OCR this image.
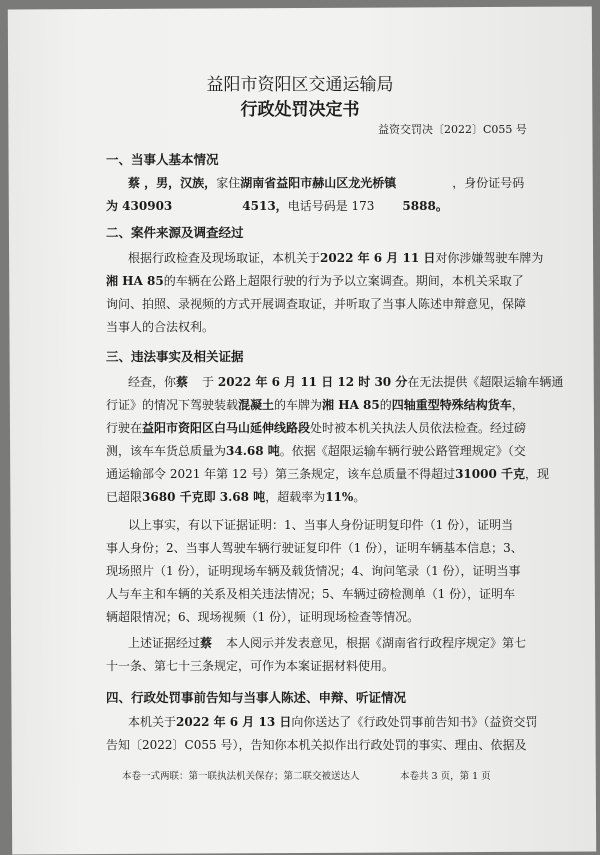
益阳市资阳区交通运输局
行政处罚决定书
益资交罚决〔2022〕C055 号
一、当事人基本情况
蔡 ，男，汉族，家住湖南省益阳市赫山区龙光桥镇	，身份证号码
为 430903	4513，电话号码是 173 5888。
二、案件来源及调查经过
根据行政检查及现场取证，本机关于2022 年 6 月 11 日对你涉嫌驾驶车牌为
湘 HA 85的车辆在公路上超限行驶的行为予以立案调查。期间，本机关采取了
询问、拍照、录视频的方式开展调查取证，并听取了当事人陈述申辩意见，保障
当事人的合法权利。
三、违法事实及相关证据
经查，你蔡 于 2022 年 6 月 11 日 12 时 30 分在无法提供《超限运输车辆通
行证》的情况下驾驶装载混凝土的车牌为湘 HA 85的四轴重型特殊结构货车，
行驶在益阳市资阳区白马山延伸线路段处时被本机关执法人员依法检查。经过磅
测，该车车货总质量为34.68 吨。依据《超限运输车辆行驶公路管理规定》（交
通运输部令 2021 年第 12 号）第三条规定，该车总质量不得超过31000 千克，现
已超限3680 千克即 3.68 吨，超载率为11%。
以上事实，有以下证据证明：1、当事人身份证明复印件（1 份），证明当
事人身份；2、当事人驾驶车辆行驶证复印件（1 份），证明车辆基本信息；3、
现场照片（1 份），证明现场车辆及载货情况；4、询问笔录（1 份），证明当事
人与车主和车辆的关系及相关违法情况；5、车辆过磅检测单（1 份），证明车
辆超限情况；6、现场视频（1 份），证明现场检查等情况。
上述证据经过蔡 本人阅示并发表意见，根据《湖南省行政程序规定》第七
十一条、第七十三条规定，可作为本案证据材料使用。
四、行政处罚事前告知与当事人陈述、申辩、听证情况
本机关于2022 年 6 月 13 日向你送达了《行政处罚事前告知书》（益资交罚
告知〔2022〕C055 号），告知你本机关拟作出行政处罚的事实、理由、依据及
本卷一式两联：第一联执法机关保存；第二联交被送达人	本卷共 3 页，第 1 页
